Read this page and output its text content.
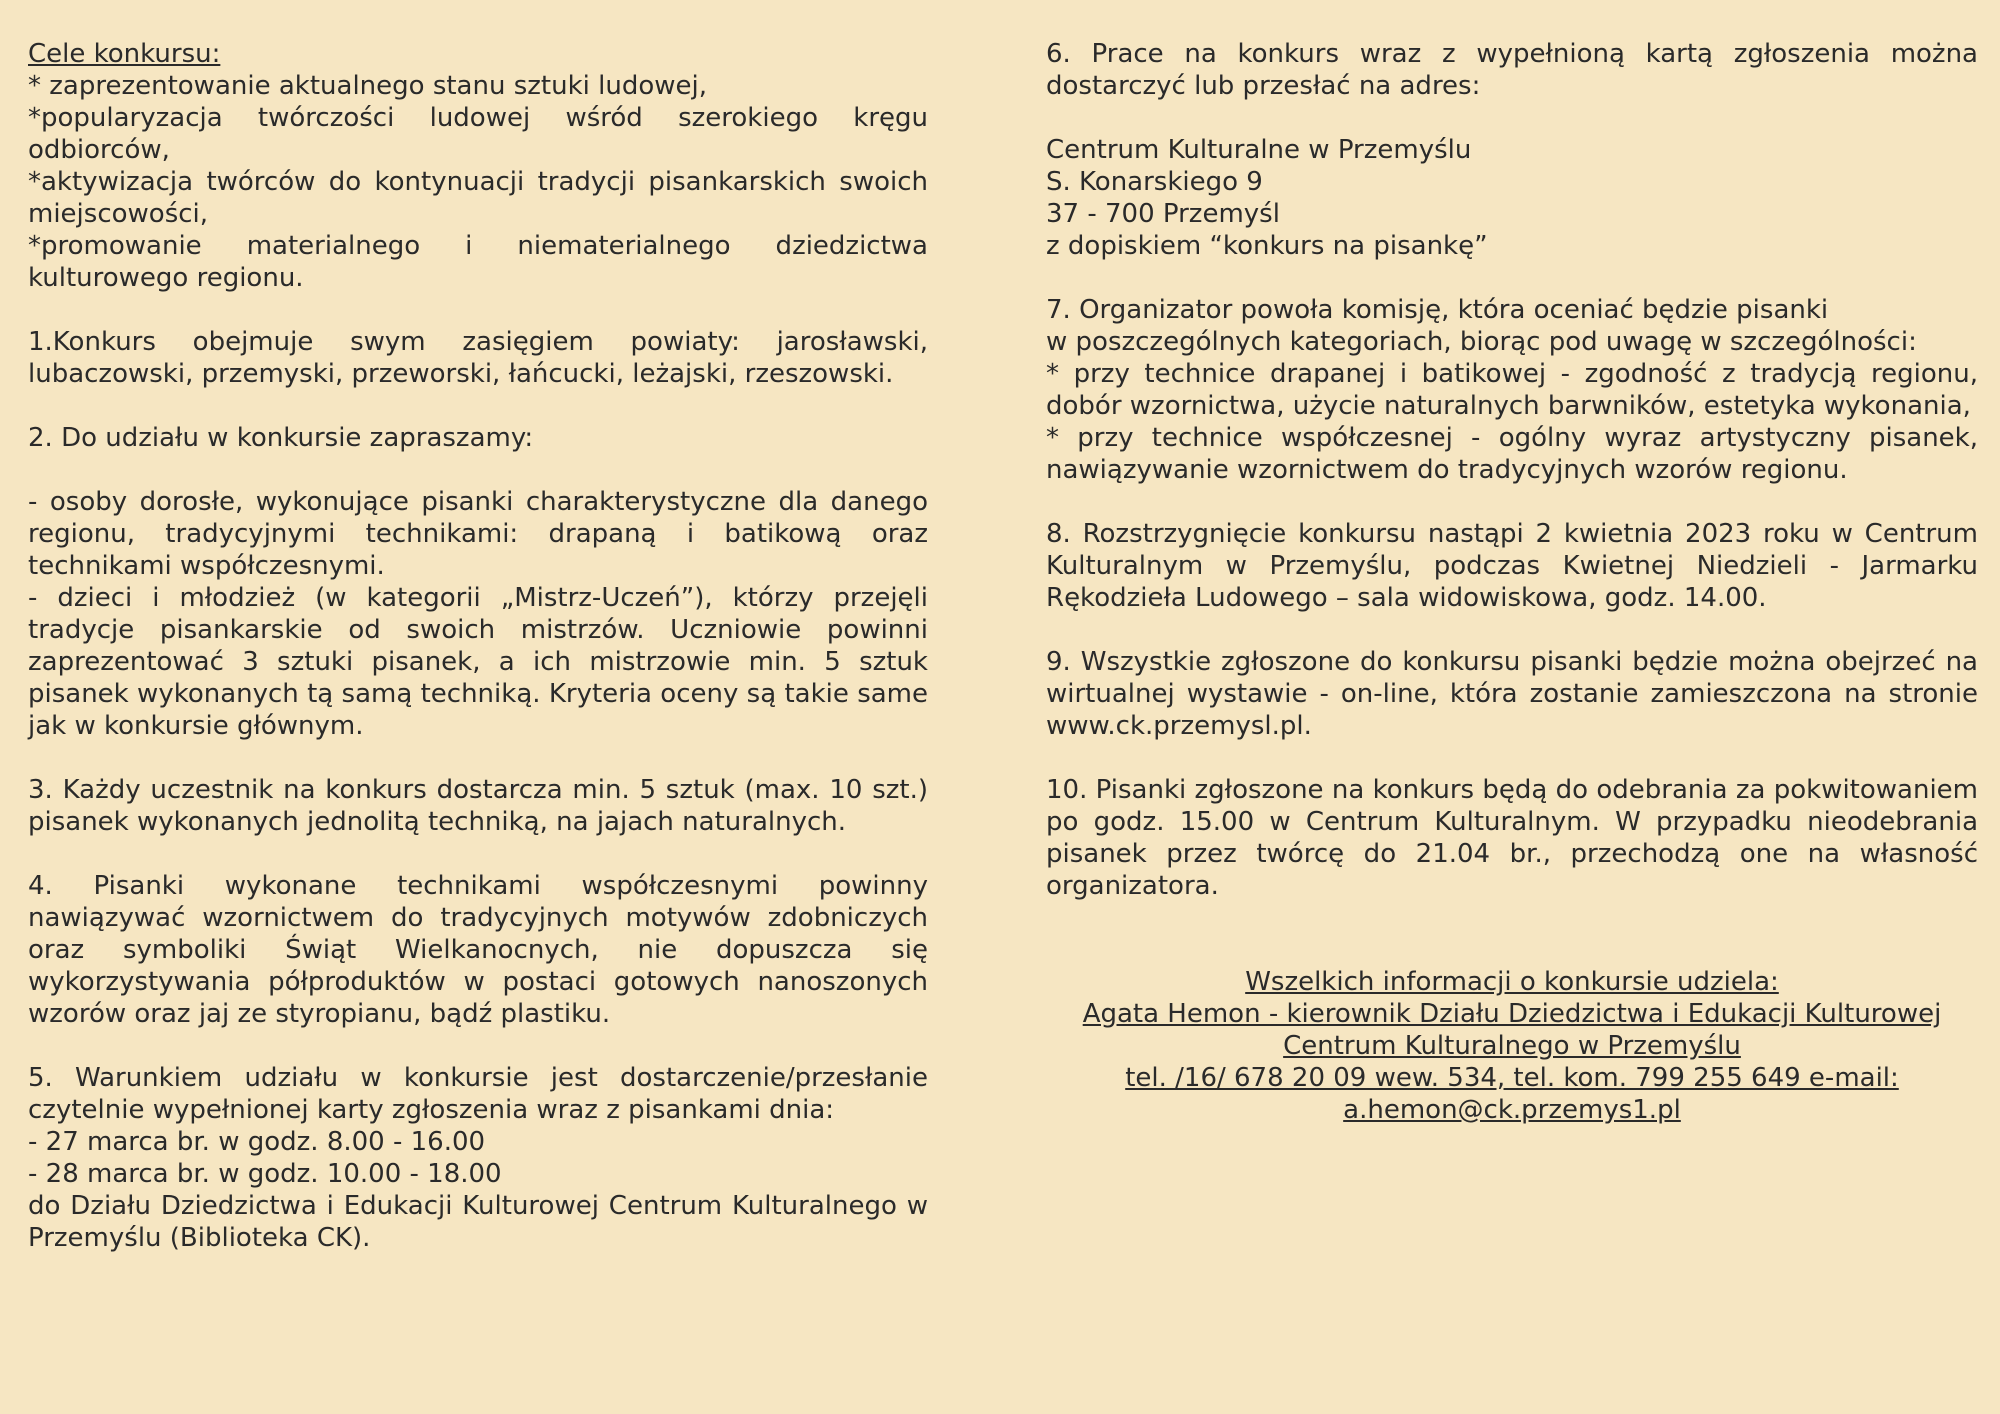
Cele konkursu:

* zaprezentowanie aktualnego stanu sztuki ludowej,

*popularyzacja twórczości ludowej wśród szerokiego kręgu odbiorców,

*aktywizacja twórców do kontynuacji tradycji pisankarskich swoich miejscowości,

*promowanie materialnego i niematerialnego dziedzictwa kulturowego regionu.

1.Konkurs obejmuje swym zasięgiem powiaty: jarosławski, lubaczowski, przemyski, przeworski, łańcucki, leżajski, rzeszowski.

2. Do udziału w konkursie zapraszamy:

- osoby dorosłe, wykonujące pisanki charakterystyczne dla danego regionu, tradycyjnymi technikami: drapaną i batikową oraz technikami współczesnymi.

- dzieci i młodzież (w kategorii „Mistrz-Uczeń”), którzy przejęli tradycje pisankarskie od swoich mistrzów. Uczniowie powinni zaprezentować 3 sztuki pisanek, a ich mistrzowie min. 5 sztuk pisanek wykonanych tą samą techniką. Kryteria oceny są takie same jak w konkursie głównym.

3. Każdy uczestnik na konkurs dostarcza min. 5 sztuk (max. 10 szt.) pisanek wykonanych jednolitą techniką, na jajach naturalnych.

4. Pisanki wykonane technikami współczesnymi powinny nawiązywać wzornictwem do tradycyjnych motywów zdobniczych oraz symboliki Świąt Wielkanocnych, nie dopuszcza się wykorzystywania półproduktów w postaci gotowych nanoszonych wzorów oraz jaj ze styropianu, bądź plastiku.

5. Warunkiem udziału w konkursie jest dostarczenie/przesłanie czytelnie wypełnionej karty zgłoszenia wraz z pisankami dnia:

- 27 marca br. w godz. 8.00 - 16.00

- 28 marca br. w godz. 10.00 - 18.00

do Działu Dziedzictwa i Edukacji Kulturowej Centrum Kulturalnego w Przemyślu (Biblioteka CK).

6. Prace na konkurs wraz z wypełnioną kartą zgłoszenia można dostarczyć lub przesłać na adres:

Centrum Kulturalne w Przemyślu

S. Konarskiego 9

37 - 700 Przemyśl

z dopiskiem “konkurs na pisankę”

7. Organizator powoła komisję, która oceniać będzie pisanki

w poszczególnych kategoriach, biorąc pod uwagę w szczególności:

* przy technice drapanej i batikowej - zgodność z tradycją regionu, dobór wzornictwa, użycie naturalnych barwników, estetyka wykonania,

* przy technice współczesnej - ogólny wyraz artystyczny pisanek, nawiązywanie wzornictwem do tradycyjnych wzorów regionu.

8. Rozstrzygnięcie konkursu nastąpi 2 kwietnia 2023 roku w Centrum Kulturalnym w Przemyślu, podczas Kwietnej Niedzieli - Jarmarku Rękodzieła Ludowego – sala widowiskowa, godz. 14.00.

9. Wszystkie zgłoszone do konkursu pisanki będzie można obejrzeć na wirtualnej wystawie - on-line, która zostanie zamieszczona na stronie www.ck.przemysl.pl.

10. Pisanki zgłoszone na konkurs będą do odebrania za pokwitowaniem po godz. 15.00 w Centrum Kulturalnym. W przypadku nieodebrania pisanek przez twórcę do 21.04 br., przechodzą one na własność organizatora.

Wszelkich informacji o konkursie udziela:

Agata Hemon - kierownik Działu Dziedzictwa i Edukacji Kulturowej

Centrum Kulturalnego w Przemyślu

tel. /16/ 678 20 09 wew. 534, tel. kom. 799 255 649 e-mail:

a.hemon@ck.przemys1.pl
